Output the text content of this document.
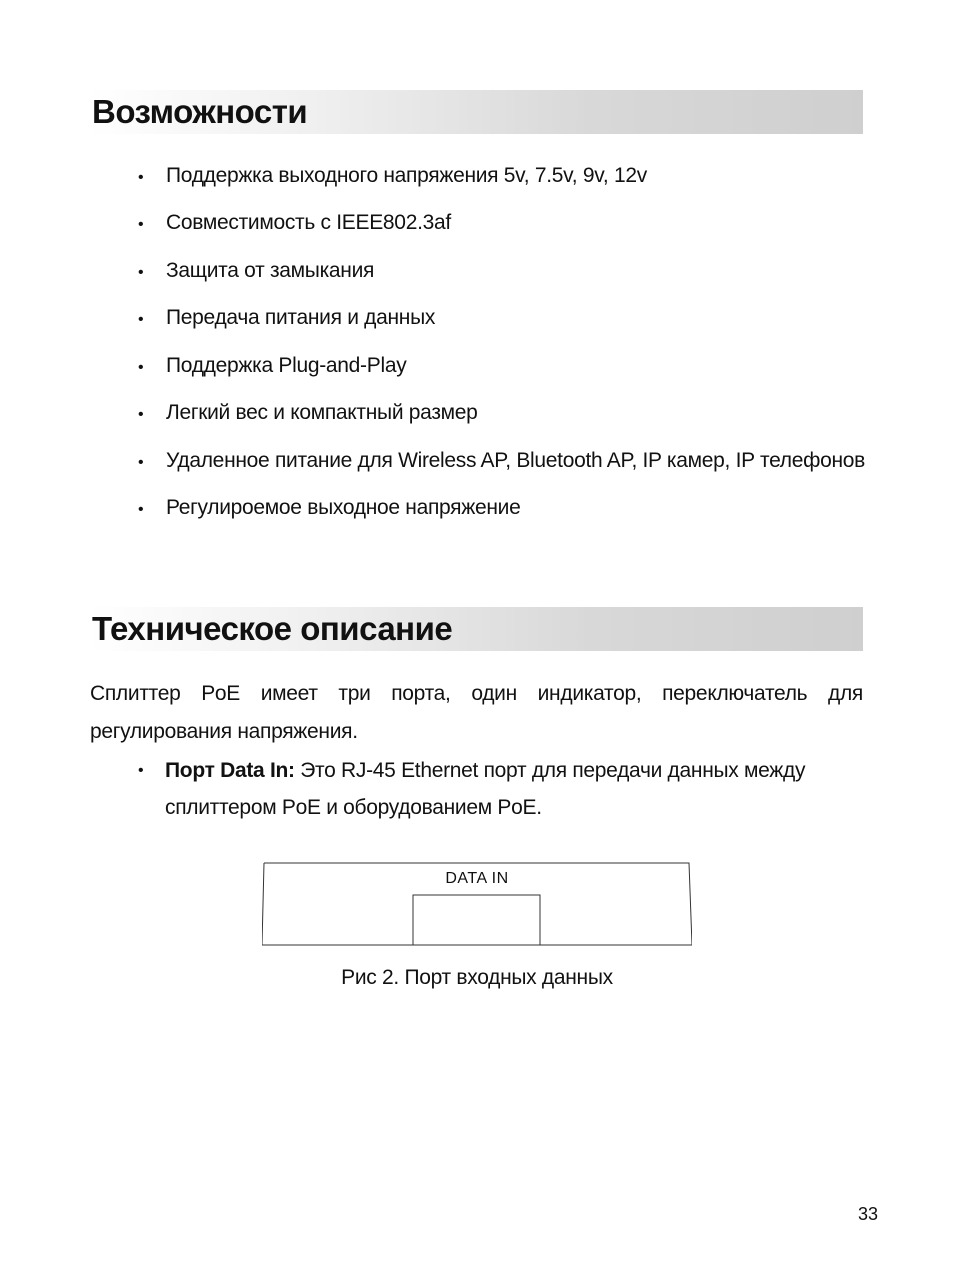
Возможности
• Поддержка выходного напряжения 5v, 7.5v, 9v, 12v
• Совместимость с IEEE802.3af
• Защита от замыкания
• Передача питания и данных
• Поддержка Plug-and-Play
• Легкий вес и компактный размер
• Удаленное питание для Wireless AP, Bluetooth AP, IP камер, IP телефонов
• Регулироемое выходное напряжение
Техническое описание

Сплиттер PoE имеет три порта, один индикатор, переключатель для регулирования напряжения.

•	Порт Data In: Это RJ-45 Ethernet порт для передачи данных между сплиттером PoE и оборудованием PoE.
DATA IN
Рис 2. Порт входных данных
33
